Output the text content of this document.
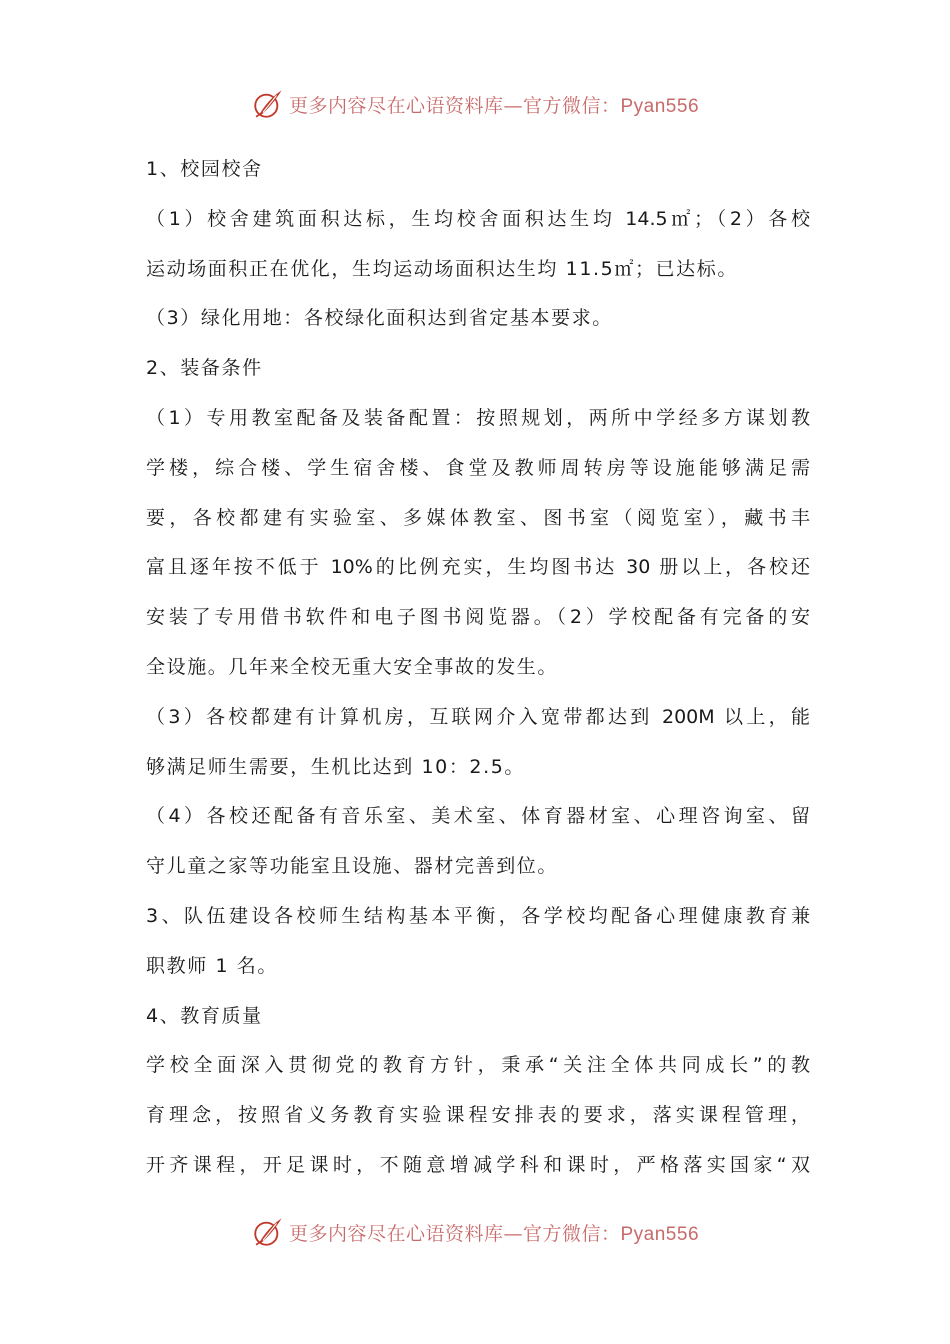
更多内容尽在心语资料库—官方微信：Pyan556
1、校园校舍
（1）校舍建筑面积达标，生均校舍面积达生均 14.5㎡；（2）各校
运动场面积正在优化，生均运动场面积达生均 11.5㎡；已达标。
（3）绿化用地：各校绿化面积达到省定基本要求。
2、装备条件
（1）专用教室配备及装备配置：按照规划，两所中学经多方谋划教
学楼，综合楼、学生宿舍楼、食堂及教师周转房等设施能够满足需
要，各校都建有实验室、多媒体教室、图书室（阅览室），藏书丰
富且逐年按不低于 10%的比例充实，生均图书达 30 册以上，各校还
安装了专用借书软件和电子图书阅览器。（2）学校配备有完备的安
全设施。几年来全校无重大安全事故的发生。
（3）各校都建有计算机房，互联网介入宽带都达到 200M 以上，能
够满足师生需要，生机比达到 10：2.5。
（4）各校还配备有音乐室、美术室、体育器材室、心理咨询室、留
守儿童之家等功能室且设施、器材完善到位。
3、队伍建设各校师生结构基本平衡，各学校均配备心理健康教育兼
职教师 1 名。
4、教育质量
学校全面深入贯彻党的教育方针，秉承“关注全体共同成长”的教
育理念，按照省义务教育实验课程安排表的要求，落实课程管理，
开齐课程，开足课时，不随意增减学科和课时，严格落实国家“双
更多内容尽在心语资料库—官方微信：Pyan556
